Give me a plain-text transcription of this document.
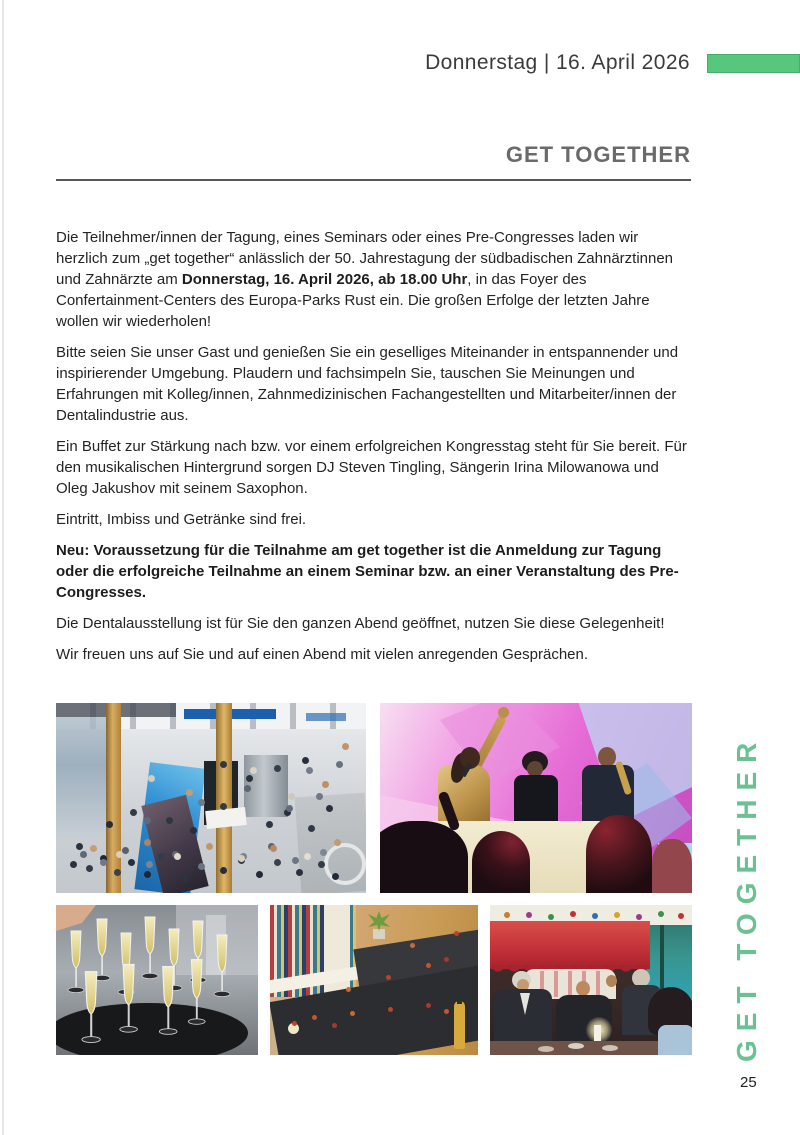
Donnerstag | 16. April 2026
GET TOGETHER

Die Teilnehmer/innen der Tagung, eines Seminars oder eines Pre-Congresses laden wir herzlich zum „get together“ anlässlich der 50. Jahrestagung der südbadischen Zahnärztinnen und Zahnärzte am Donnerstag, 16. April 2026, ab 18.00 Uhr, in das Foyer des Confertainment-Centers des Europa-Parks Rust ein. Die großen Erfolge der letzten Jahre wollen wir wiederholen!

Bitte seien Sie unser Gast und genießen Sie ein geselliges Miteinander in entspannender und inspirierender Umgebung. Plaudern und fachsimpeln Sie, tauschen Sie Meinungen und Erfahrungen mit Kolleg/innen, Zahnmedizinischen Fachangestellten und Mitarbeiter/innen der Dentalindustrie aus.

Ein Buffet zur Stärkung nach bzw. vor einem erfolgreichen Kongresstag steht für Sie bereit. Für den musikalischen Hintergrund sorgen DJ Steven Tingling, Sängerin Irina Milowanowa und Oleg Jakushov mit seinem Saxophon.

Eintritt, Imbiss und Getränke sind frei.

Neu: Voraussetzung für die Teilnahme am get together ist die Anmeldung zur Tagung oder die erfolgreiche Teilnahme an einem Seminar bzw. an einer Veranstaltung des Pre-Congresses.

Die Dentalausstellung ist für Sie den ganzen Abend geöffnet, nutzen Sie diese Gelegenheit!

Wir freuen uns auf Sie und auf einen Abend mit vielen anregenden Gesprächen.

GET TOGETHER
25
